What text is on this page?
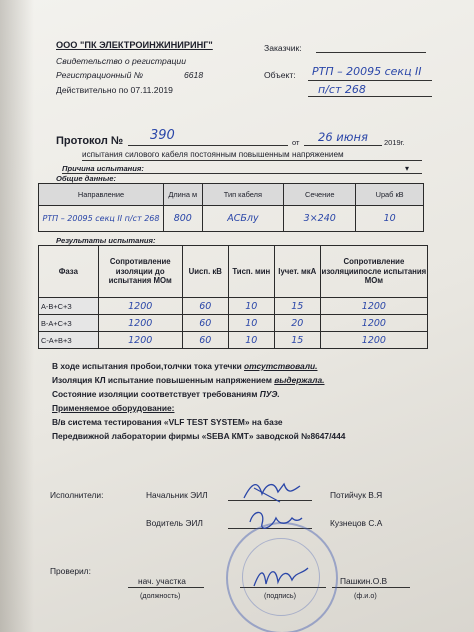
ООО "ПК ЭЛЕКТРОИНЖИНИРИНГ"
Свидетельство о регистрации
Регистрационный №	6618
Действительно по 07.11.2019
Заказчик:
Объект: РТП – 20095 секц II
п/ст 268
Протокол № 390	от 26 июня 2019г.
испытания силового кабеля постоянным повышенным напряжением
Причина испытания:	▾
Общие данные:
Направление	Длина м	Тип кабеля	Сечение	Uраб кВ
РТП – 20095 секц II п/ст 268	800	АСБлу	3×240	10
Результаты испытания:
Фаза	Сопротивление изоляции до испытания МОм	Uисп. кВ	Тисп. мин	Iучет. мкА	Сопротивление изоляциипосле испытания МОм
А-В+С+З	1200	60	10	15	1200
В-А+С+З	1200	60	10	20	1200
С-А+В+З	1200	60	10	15	1200
В ходе испытания пробои,толчки тока утечки отсутствовали.
Изоляция КЛ испытание повышенным напряжением выдержала.
Состояние изоляции соответствует требованиям ПУЭ.
Применяемое оборудование:
В/в система тестирования «VLF TEST SYSTEM» на базе
Передвижной лаборатории фирмы «SEBA КМТ» заводской №8647/444
Исполнители:	Начальник ЭИЛ	Потийчук В.Я
Водитель ЭИЛ	Кузнецов С.А
Проверил:
нач. участка	Пашкин.О.В
(должность)	(подпись)	(ф.и.о)
